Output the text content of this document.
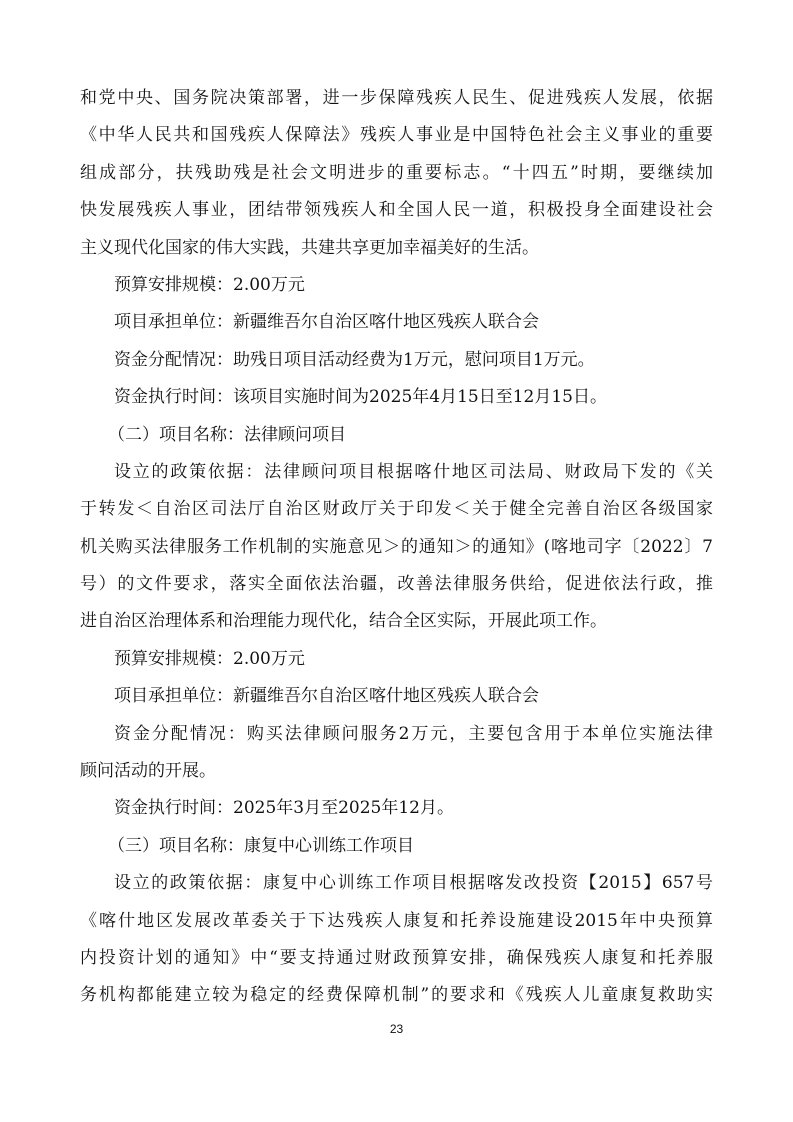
和党中央、国务院决策部署，进一步保障残疾人民生、促进残疾人发展，依据
《中华人民共和国残疾人保障法》残疾人事业是中国特色社会主义事业的重要
组成部分，扶残助残是社会文明进步的重要标志。“十四五”时期，要继续加
快发展残疾人事业，团结带领残疾人和全国人民一道，积极投身全面建设社会
主义现代化国家的伟大实践，共建共享更加幸福美好的生活。
预算安排规模：2.00万元
项目承担单位：新疆维吾尔自治区喀什地区残疾人联合会
资金分配情况：助残日项目活动经费为1万元，慰问项目1万元。
资金执行时间：该项目实施时间为2025年4月15日至12月15日。
（二）项目名称：法律顾问项目
设立的政策依据：法律顾问项目根据喀什地区司法局、财政局下发的《关
于转发＜自治区司法厅自治区财政厅关于印发＜关于健全完善自治区各级国家
机关购买法律服务工作机制的实施意见＞的通知＞的通知》(喀地司字〔2022〕7
号）的文件要求，落实全面依法治疆，改善法律服务供给，促进依法行政，推
进自治区治理体系和治理能力现代化，结合全区实际，开展此项工作。
预算安排规模：2.00万元
项目承担单位：新疆维吾尔自治区喀什地区残疾人联合会
资金分配情况：购买法律顾问服务2万元，主要包含用于本单位实施法律
顾问活动的开展。
资金执行时间：2025年3月至2025年12月。
（三）项目名称：康复中心训练工作项目
设立的政策依据：康复中心训练工作项目根据喀发改投资【2015】657号
《喀什地区发展改革委关于下达残疾人康复和托养设施建设2015年中央预算
内投资计划的通知》中“要支持通过财政预算安排，确保残疾人康复和托养服
务机构都能建立较为稳定的经费保障机制”的要求和《残疾人儿童康复救助实
23
